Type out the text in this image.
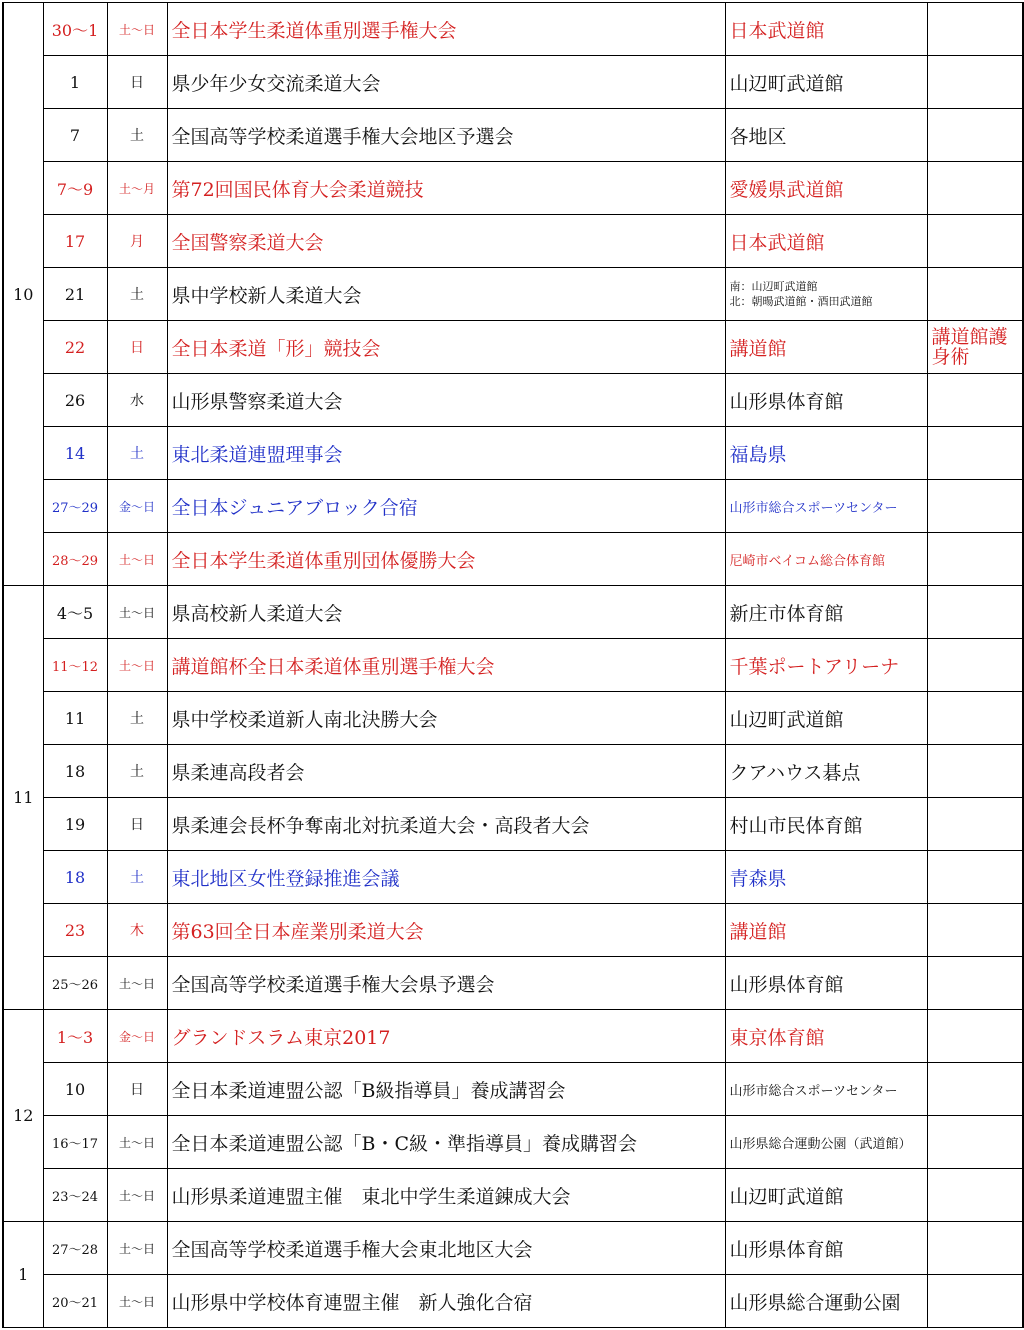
10	30〜1	土〜日	全日本学生柔道体重別選手権大会	日本武道館	
	1	日	県少年少女交流柔道大会	山辺町武道館	
	7	土	全国高等学校柔道選手権大会地区予選会	各地区	
	7〜9	土〜月	第72回国民体育大会柔道競技	愛媛県武道館	
	17	月	全国警察柔道大会	日本武道館	
	21	土	県中学校新人柔道大会	南：山辺町武道館
北：朝暘武道館・酒田武道館	

	22	日	全日本柔道「形」競技会	講道館	講道館護身術
	26	水	山形県警察柔道大会	山形県体育館	
	14	土	東北柔道連盟理事会	福島県	
	27〜29	金〜日	全日本ジュニアブロック合宿	山形市総合スポーツセンター	
	28〜29	土〜日	全日本学生柔道体重別団体優勝大会	尼崎市ベイコム総合体育館	
11	4〜5	土〜日	県高校新人柔道大会	新庄市体育館	
	11〜12	土〜日	講道館杯全日本柔道体重別選手権大会	千葉ポートアリーナ	
	11	土	県中学校柔道新人南北決勝大会	山辺町武道館	
	18	土	県柔連高段者会	クアハウス碁点	
	19	日	県柔連会長杯争奪南北対抗柔道大会・高段者大会	村山市民体育館	
	18	土	東北地区女性登録推進会議	青森県	
	23	木	第63回全日本産業別柔道大会	講道館	
	25〜26	土〜日	全国高等学校柔道選手権大会県予選会	山形県体育館	
12	1〜3	金〜日	グランドスラム東京2017	東京体育館	
	10	日	全日本柔道連盟公認「B級指導員」養成講習会	山形市総合スポーツセンター	
	16〜17	土〜日	全日本柔道連盟公認「B・C級・準指導員」養成購習会	山形県総合運動公園（武道館）	
	23〜24	土〜日	山形県柔道連盟主催　東北中学生柔道錬成大会	山辺町武道館	
1	27〜28	土〜日	全国高等学校柔道選手権大会東北地区大会	山形県体育館	
	20〜21	土〜日	山形県中学校体育連盟主催　新人強化合宿	山形県総合運動公園	
